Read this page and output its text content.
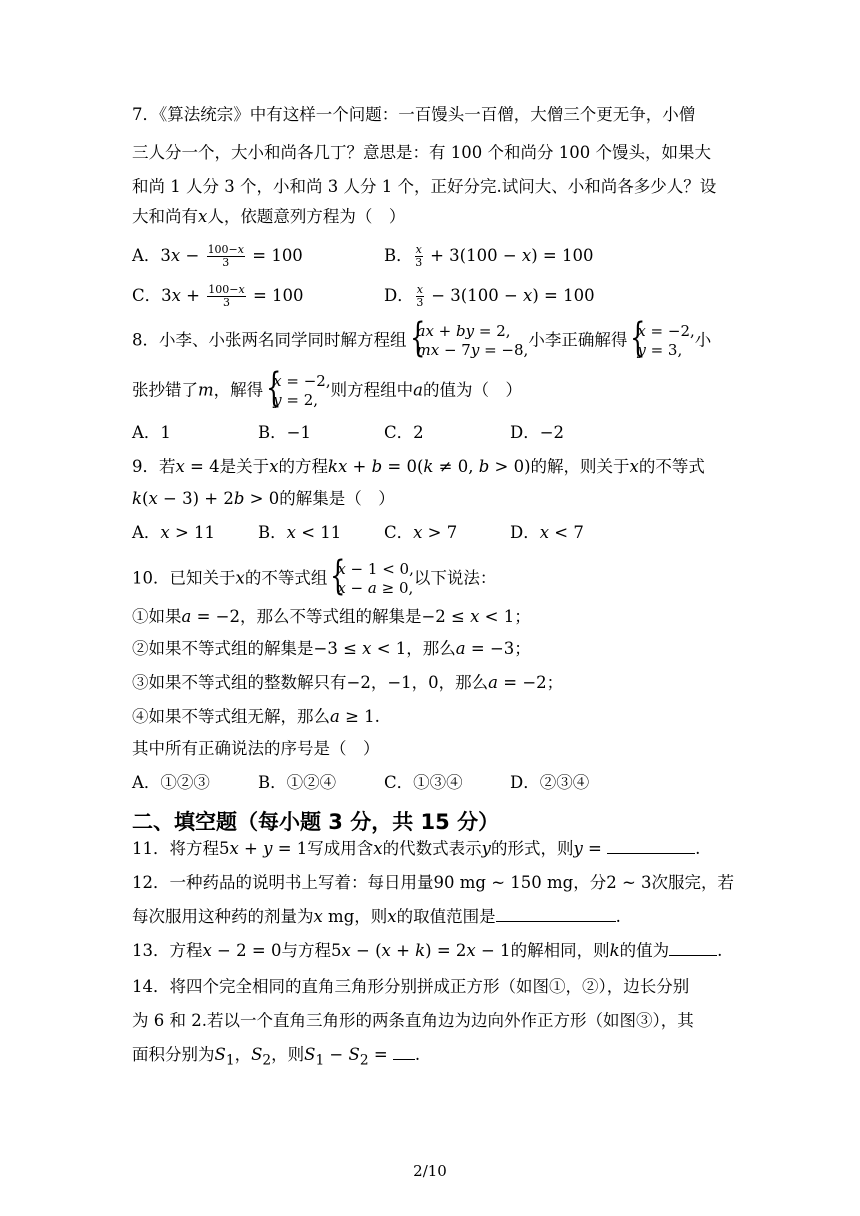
7．《算法统宗》中有这样一个问题：一百馒头一百僧，大僧三个更无争，小僧
三人分一个，大小和尚各几丁？意思是：有 100 个和尚分 100 个馒头，如果大
和尚 1 人分 3 个，小和尚 3 人分 1 个，正好分完.试问大、小和尚各多少人？设
大和尚有x人，依题意列方程为（　）
A．$3x - \frac{100-x}{3} = 100$	B． $\frac{x}{3} + 3(100 - x) = 100$
C．$3x + \frac{100-x}{3} = 100$	D． $\frac{x}{3} - 3(100 - x) = 100$
8．小李、小张两名同学同时解方程组 { ax + by = 2,
mx − 7y = −8,小李正确解得 { x = −2,
y = 3,小
张抄错了m，解得 { x = −2,
y = 2,则方程组中a的值为（　）
A．1	B．−1	C．2	D．−2
9．若x = 4是关于x的方程kx + b = 0(k ≠ 0, b > 0)的解，则关于x的不等式
k(x − 3) + 2b > 0的解集是（　）
A．x > 11	B．x < 11	C．x > 7	D．x < 7
10．已知关于x的不等式组 { x − 1 < 0,
x − a ≥ 0,以下说法：
①如果a = −2，那么不等式组的解集是−2 ≤ x < 1；
②如果不等式组的解集是−3 ≤ x < 1，那么a = −3；
③如果不等式组的整数解只有−2，−1，0，那么a = −2；
④如果不等式组无解，那么a ≥ 1.
其中所有正确说法的序号是（　）
A．①②③	B．①②④	C．①③④	D．②③④
二、填空题（每小题 3 分，共 15 分）
11．将方程5x + y = 1写成用含x的代数式表示y的形式，则y =	.
12．一种药品的说明书上写着：每日用量90 mg ~ 150 mg，分2 ~ 3次服完，若
每次服用这种药的剂量为x mg，则x的取值范围是	.
13．方程x − 2 = 0与方程5x − (x + k) = 2x − 1的解相同，则k的值为	.
14．将四个完全相同的直角三角形分别拼成正方形（如图①，②），边长分别
为 6 和 2.若以一个直角三角形的两条直角边为边向外作正方形（如图③），其
面积分别为$S_1$，$S_2$，则$S_1 - S_2$ = .
2/10
